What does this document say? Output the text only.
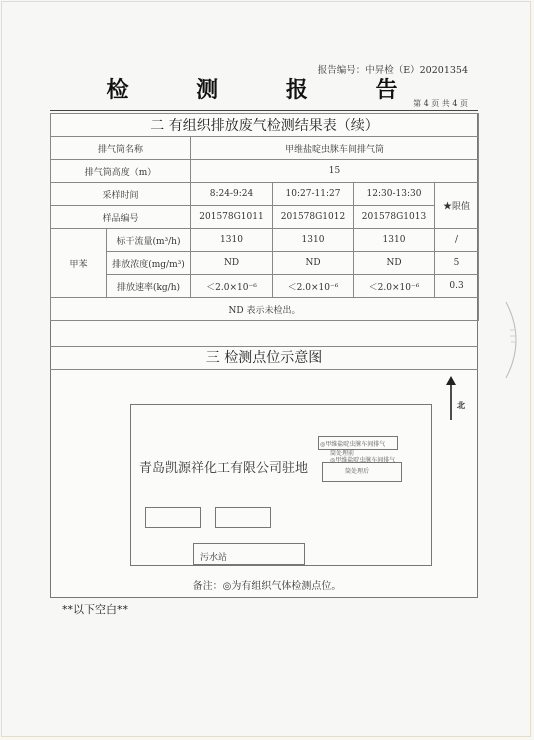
报告编号：中昇检（E）20201354
检 测 报 告
第 4 页 共 4 页
二 有组织排放废气检测结果表（续）					
排气筒名称		甲维盐啶虫脒车间排气筒			
排气筒高度（m）		15			
采样时间		8:24-9:24	10:27-11:27	12:30-13:30	★限值
样品编号		201578G1011	201578G1012	201578G1013	
甲苯	标干流量(m³/h)	1310	1310	1310	/
	排放浓度(mg/m³)	ND	ND	ND	5
	排放速率(kg/h)	＜2.0×10⁻⁶	＜2.0×10⁻⁶	＜2.0×10⁻⁶	0.3
ND 表示未检出。					
三 检测点位示意图
北
青岛凯源祥化工有限公司驻地
◎甲维盐啶虫脒车间排气
筒处理前
◎甲维盐啶虫脒车间排气
筒处理后
污水站
备注：◎为有组织气体检测点位。
**以下空白**
